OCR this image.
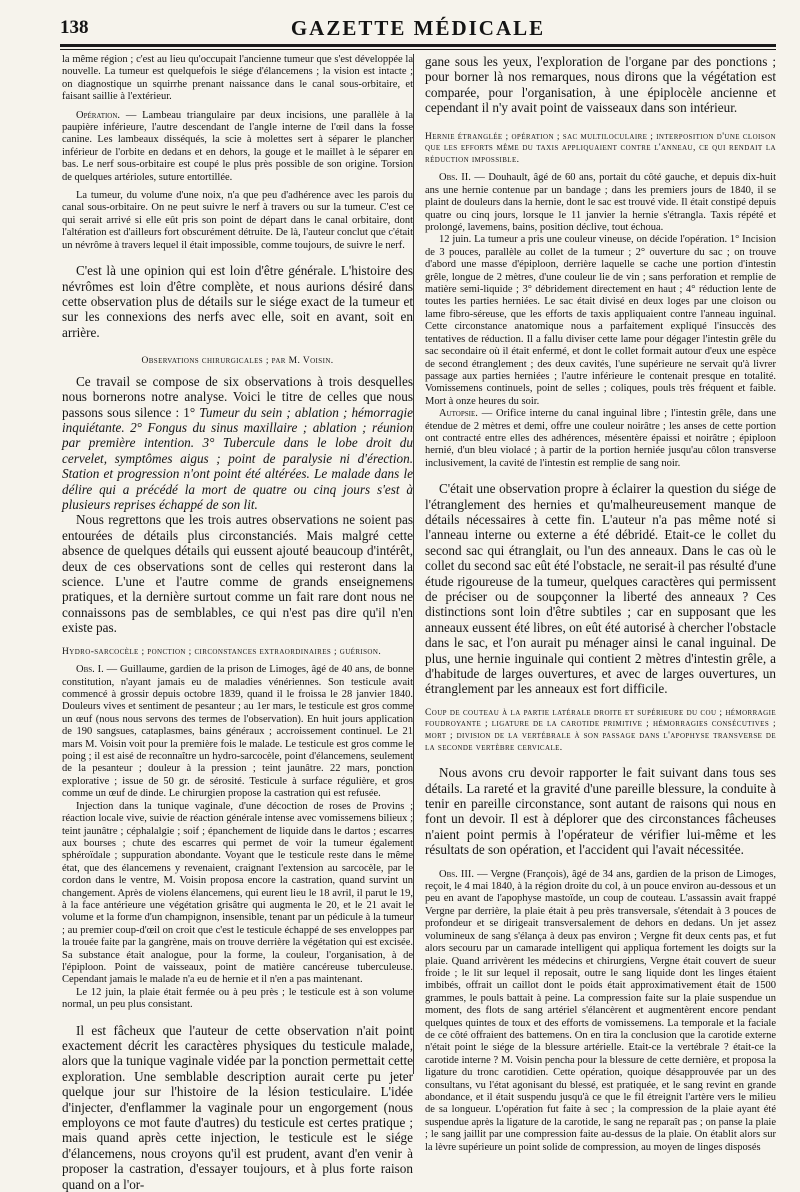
138	GAZETTE MÉDICALE

la même région ; c'est au lieu qu'occupait l'ancienne tumeur que s'est développée la nouvelle. La tumeur est quelquefois le siége d'élancemens ; la vision est intacte ; on diagnostique un squirrhe prenant naissance dans le canal sous-orbitaire, et faisant saillie à l'extérieur.

Opération. — Lambeau triangulaire par deux incisions, une parallèle à la paupière inférieure, l'autre descendant de l'angle interne de l'œil dans la fosse canine. Les lambeaux disséqués, la scie à molettes sert à séparer le plancher inférieur de l'orbite en dedans et en dehors, la gouge et le maillet à le séparer en bas. Le nerf sous-orbitaire est coupé le plus près possible de son origine. Torsion de quelques artérioles, suture entortillée.

La tumeur, du volume d'une noix, n'a que peu d'adhérence avec les parois du canal sous-orbitaire. On ne peut suivre le nerf à travers ou sur la tumeur. C'est ce qui serait arrivé si elle eût pris son point de départ dans le canal orbitaire, dont l'altération est d'ailleurs fort obscurément détruite. De là, l'auteur conclut que c'était un névrôme à travers lequel il était impossible, comme toujours, de suivre le nerf.

C'est là une opinion qui est loin d'être générale. L'histoire des névrômes est loin d'être complète, et nous aurions désiré dans cette observation plus de détails sur le siége exact de la tumeur et sur les connexions des nerfs avec elle, soit en avant, soit en arrière.

Observations chirurgicales ; par M. Voisin.

Ce travail se compose de six observations à trois desquelles nous bornerons notre analyse. Voici le titre de celles que nous passons sous silence : 1° Tumeur du sein ; ablation ; hémorragie inquiétante. 2° Fongus du sinus maxillaire ; ablation ; réunion par première intention. 3° Tubercule dans le lobe droit du cervelet, symptômes aigus ; point de paralysie ni d'érection. Station et progression n'ont point été altérées. Le malade dans le délire qui a précédé la mort de quatre ou cinq jours s'est à plusieurs reprises échappé de son lit.

Nous regrettons que les trois autres observations ne soient pas entourées de détails plus circonstanciés. Mais malgré cette absence de quelques détails qui eussent ajouté beaucoup d'intérêt, deux de ces observations sont de celles qui resteront dans la science. L'une et l'autre comme de grands enseignemens pratiques, et la dernière surtout comme un fait rare dont nous ne connaissons pas de semblables, ce qui n'est pas dire qu'il n'en existe pas.

Hydro-sarcocèle ; ponction ; circonstances extraordinaires ; guérison.

Obs. I. — Guillaume, gardien de la prison de Limoges, âgé de 40 ans, de bonne constitution, n'ayant jamais eu de maladies vénériennes. Son testicule avait commencé à grossir depuis octobre 1839, quand il le froissa le 28 janvier 1840. Douleurs vives et sentiment de pesanteur ; au 1er mars, le testicule est gros comme un œuf (nous nous servons des termes de l'observation). En huit jours application de 190 sangsues, cataplasmes, bains généraux ; accroissement continuel. Le 21 mars M. Voisin voit pour la première fois le malade. Le testicule est gros comme le poing ; il est aisé de reconnaître un hydro-sarcocèle, point d'élancemens, seulement de la pesanteur ; douleur à la pression ; teint jaunâtre. 22 mars, ponction explorative ; issue de 50 gr. de sérosité. Testicule à surface régulière, et gros comme un œuf de dinde. Le chirurgien propose la castration qui est refusée.

Injection dans la tunique vaginale, d'une décoction de roses de Provins ; réaction locale vive, suivie de réaction générale intense avec vomissemens bilieux ; teint jaunâtre ; céphalalgie ; soif ; épanchement de liquide dans le dartos ; escarres aux bourses ; chute des escarres qui permet de voir la tumeur également sphéroïdale ; suppuration abondante. Voyant que le testicule reste dans le même état, que des élancemens y revenaient, craignant l'extension au sarcocèle, par le cordon dans le ventre, M. Voisin proposa encore la castration, quand survint un changement. Après de violens élancemens, qui eurent lieu le 18 avril, il parut le 19, à la face antérieure une végétation grisâtre qui augmenta le 20, et le 21 avait le volume et la forme d'un champignon, insensible, tenant par un pédicule à la tumeur ; au premier coup-d'œil on croit que c'est le testicule échappé de ses enveloppes par la trouée faite par la gangrène, mais on trouve derrière la végétation qui est excisée. Sa substance était analogue, pour la forme, la couleur, l'organisation, à de l'épiploon. Point de vaisseaux, point de matière cancéreuse tuberculeuse. Cependant jamais le malade n'a eu de hernie et il n'en a pas maintenant.

Le 12 juin, la plaie était fermée ou à peu près ; le testicule est à son volume normal, un peu plus consistant.

Il est fâcheux que l'auteur de cette observation n'ait point exactement décrit les caractères physiques du testicule malade, alors que la tunique vaginale vidée par la ponction permettait cette exploration. Une semblable description aurait certe pu jeter quelque jour sur l'histoire de la lésion testiculaire. L'idée d'injecter, d'enflammer la vaginale pour un engorgement (nous employons ce mot faute d'autres) du testicule est certes pratique ; mais quand après cette injection, le testicule est le siége d'élancemens, nous croyons qu'il est prudent, avant d'en venir à proposer la castration, d'essayer toujours, et à plus forte raison quand on a l'or-

gane sous les yeux, l'exploration de l'organe par des ponctions ; pour borner là nos remarques, nous dirons que la végétation est comparée, pour l'organisation, à une épiplocèle ancienne et cependant il n'y avait point de vaisseaux dans son intérieur.

Hernie étranglée ; opération ; sac multiloculaire ; interposition d'une cloison que les efforts même du taxis appliquaient contre l'anneau, ce qui rendait la réduction impossible.

Obs. II. — Douhault, âgé de 60 ans, portait du côté gauche, et depuis dix-huit ans une hernie contenue par un bandage ; dans les premiers jours de 1840, il se plaint de douleurs dans la hernie, dont le sac est trouvé vide. Il était constipé depuis quatre ou cinq jours, lorsque le 11 janvier la hernie s'étrangla. Taxis répété et prolongé, lavemens, bains, position déclive, tout échoua.

12 juin. La tumeur a pris une couleur vineuse, on décide l'opération. 1° Incision de 3 pouces, parallèle au collet de la tumeur ; 2° ouverture du sac ; on trouve d'abord une masse d'épiploon, derrière laquelle se cache une portion d'intestin grêle, longue de 2 mètres, d'une couleur lie de vin ; sans perforation et remplie de matière semi-liquide ; 3° débridement directement en haut ; 4° réduction lente de toutes les parties herniées. Le sac était divisé en deux loges par une cloison ou lame fibro-séreuse, que les efforts de taxis appliquaient contre l'anneau inguinal. Cette circonstance anatomique nous a parfaitement expliqué l'insuccès des tentatives de réduction. Il a fallu diviser cette lame pour dégager l'intestin grêle du sac secondaire où il était enfermé, et dont le collet formait autour d'eux une espèce de second étranglement ; des deux cavités, l'une supérieure ne servait qu'à livrer passage aux parties herniées ; l'autre inférieure le contenait presque en totalité. Vomissemens continuels, point de selles ; coliques, pouls très fréquent et faible. Mort à onze heures du soir.

Autopsie. — Orifice interne du canal inguinal libre ; l'intestin grêle, dans une étendue de 2 mètres et demi, offre une couleur noirâtre ; les anses de cette portion ont contracté entre elles des adhérences, mésentère épaissi et noirâtre ; épiploon hernié, d'un bleu violacé ; à partir de la portion herniée jusqu'au côlon transverse inclusivement, la cavité de l'intestin est remplie de sang noir.

C'était une observation propre à éclairer la question du siége de l'étranglement des hernies et qu'malheureusement manque de détails nécessaires à cette fin. L'auteur n'a pas même noté si l'anneau interne ou externe a été débridé. Etait-ce le collet du second sac qui étranglait, ou l'un des anneaux. Dans le cas où le collet du second sac eût été l'obstacle, ne serait-il pas résulté d'une étude rigoureuse de la tumeur, quelques caractères qui permissent de préciser ou de soupçonner la liberté des anneaux ? Ces distinctions sont loin d'être subtiles ; car en supposant que les anneaux eussent été libres, on eût été autorisé à chercher l'obstacle dans le sac, et l'on aurait pu ménager ainsi le canal inguinal. De plus, une hernie inguinale qui contient 2 mètres d'intestin grêle, a d'habitude de larges ouvertures, et avec de larges ouvertures, un étranglement par les anneaux est fort difficile.

Coup de couteau à la partie latérale droite et supérieure du cou ; hémorragie foudroyante ; ligature de la carotide primitive ; hémorragies consécutives ; mort ; division de la vertébrale à son passage dans l'apophyse transverse de la seconde vertèbre cervicale.

Nous avons cru devoir rapporter le fait suivant dans tous ses détails. La rareté et la gravité d'une pareille blessure, la conduite à tenir en pareille circonstance, sont autant de raisons qui nous en font un devoir. Il est à déplorer que des circonstances fâcheuses n'aient point permis à l'opérateur de vérifier lui-même et les résultats de son opération, et l'accident qui l'avait nécessitée.

Obs. III. — Vergne (François), âgé de 34 ans, gardien de la prison de Limoges, reçoit, le 4 mai 1840, à la région droite du col, à un pouce environ au-dessous et un peu en avant de l'apophyse mastoïde, un coup de couteau. L'assassin avait frappé Vergne par derrière, la plaie était à peu près transversale, s'étendait à 3 pouces de profondeur et se dirigeait transversalement de dehors en dedans. Un jet assez volumineux de sang s'élança à deux pas environ ; Vergne fit deux cents pas, et fut alors secouru par un camarade intelligent qui appliqua fortement les doigts sur la plaie. Quand arrivèrent les médecins et chirurgiens, Vergne était couvert de sueur froide ; le lit sur lequel il reposait, outre le sang liquide dont les linges étaient imbibés, offrait un caillot dont le poids était approximativement était de 1500 grammes, le pouls battait à peine. La compression faite sur la plaie suspendue un moment, des flots de sang artériel s'élancèrent et augmentèrent encore pendant quelques quintes de toux et des efforts de vomissemens. La temporale et la faciale de ce côté offraient des battemens. On en tira la conclusion que la carotide externe n'était point le siége de la blessure artérielle. Etait-ce la vertébrale ? était-ce la carotide interne ? M. Voisin pencha pour la blessure de cette dernière, et proposa la ligature du tronc carotidien. Cette opération, quoique désapprouvée par un des consultans, vu l'état agonisant du blessé, est pratiquée, et le sang revint en grande abondance, et il était suspendu jusqu'à ce que le fil étreignit l'artère vers le milieu de sa longueur. L'opération fut faite à sec ; la compression de la plaie ayant été suspendue après la ligature de la carotide, le sang ne reparaît pas ; on panse la plaie ; le sang jaillit par une compression faite au-dessus de la plaie. On établit alors sur la lèvre supérieure un point solide de compression, au moyen de linges disposés
